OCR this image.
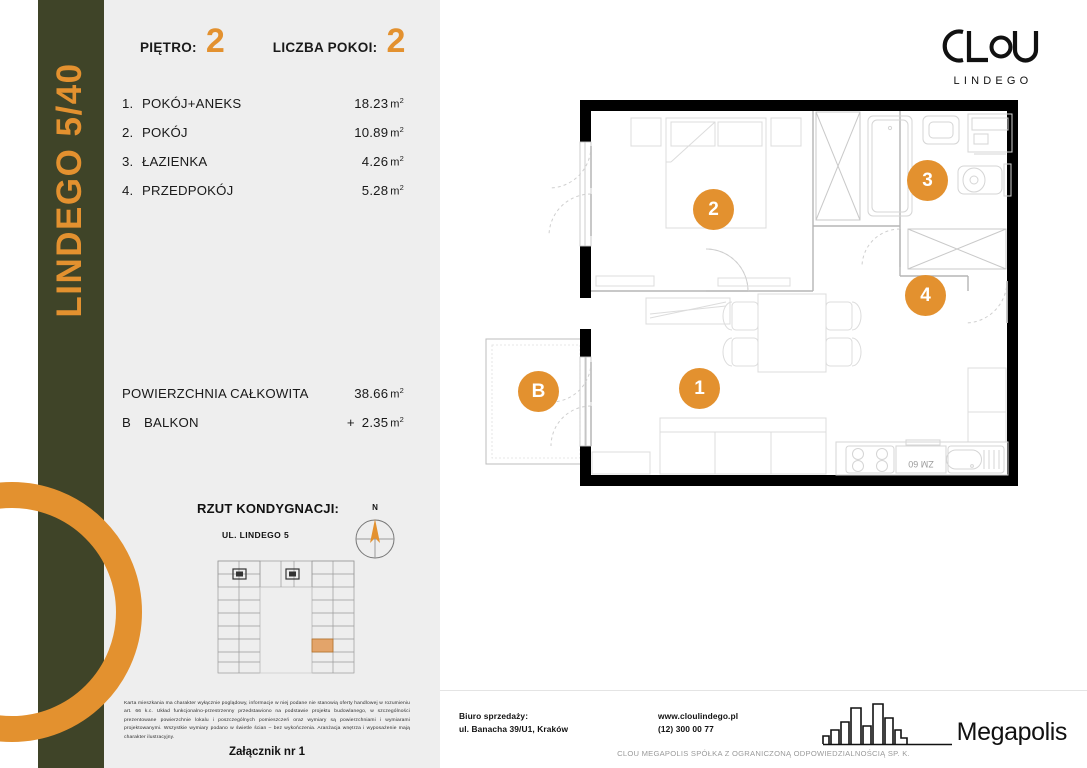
LINDEGO 5/40
PIĘTRO: 2	LICZBA POKOI: 2
1. POKÓJ+ANEKS	18.23 $m^2$
2. POKÓJ	10.89 $m^2$
3. ŁAZIENKA	4.26 $m^2$
4. PRZEDPOKÓJ	5.28 $m^2$
POWIERZCHNIA CAŁKOWITA	38.66 $m^2$
B BALKON	+ 2.35 $m^2$
RZUT KONDYGNACJI:
UL. LINDEGO 5
N
Karta mieszkania ma charakter wyłącznie poglądowy, informacje w niej podane nie stanowią oferty handlowej w rozumieniu art. 66 k.c. Układ funkcjonalno-przestrzenny przedstawiono na podstawie projektu budowlanego, w szczególności prezentowane powierzchnie lokalu i poszczególnych pomieszczeń oraz wymiary są powierzchniami i wymiarami projektowanymi. Wszystkie wymiary podano w świetle ścian – bez wykończenia. Aranżacja wnętrza i wyposażenie mają charakter ilustracyjny.
Załącznik nr 1
LINDEGO
ZM 60
B	1
2
3
4
Biuro sprzedaży:
ul. Banacha 39/U1, Kraków
www.cloulindego.pl
(12) 300 00 77	Megapolis
CLOU MEGAPOLIS SPÓŁKA Z OGRANICZONĄ ODPOWIEDZIALNOŚCIĄ SP. K.
